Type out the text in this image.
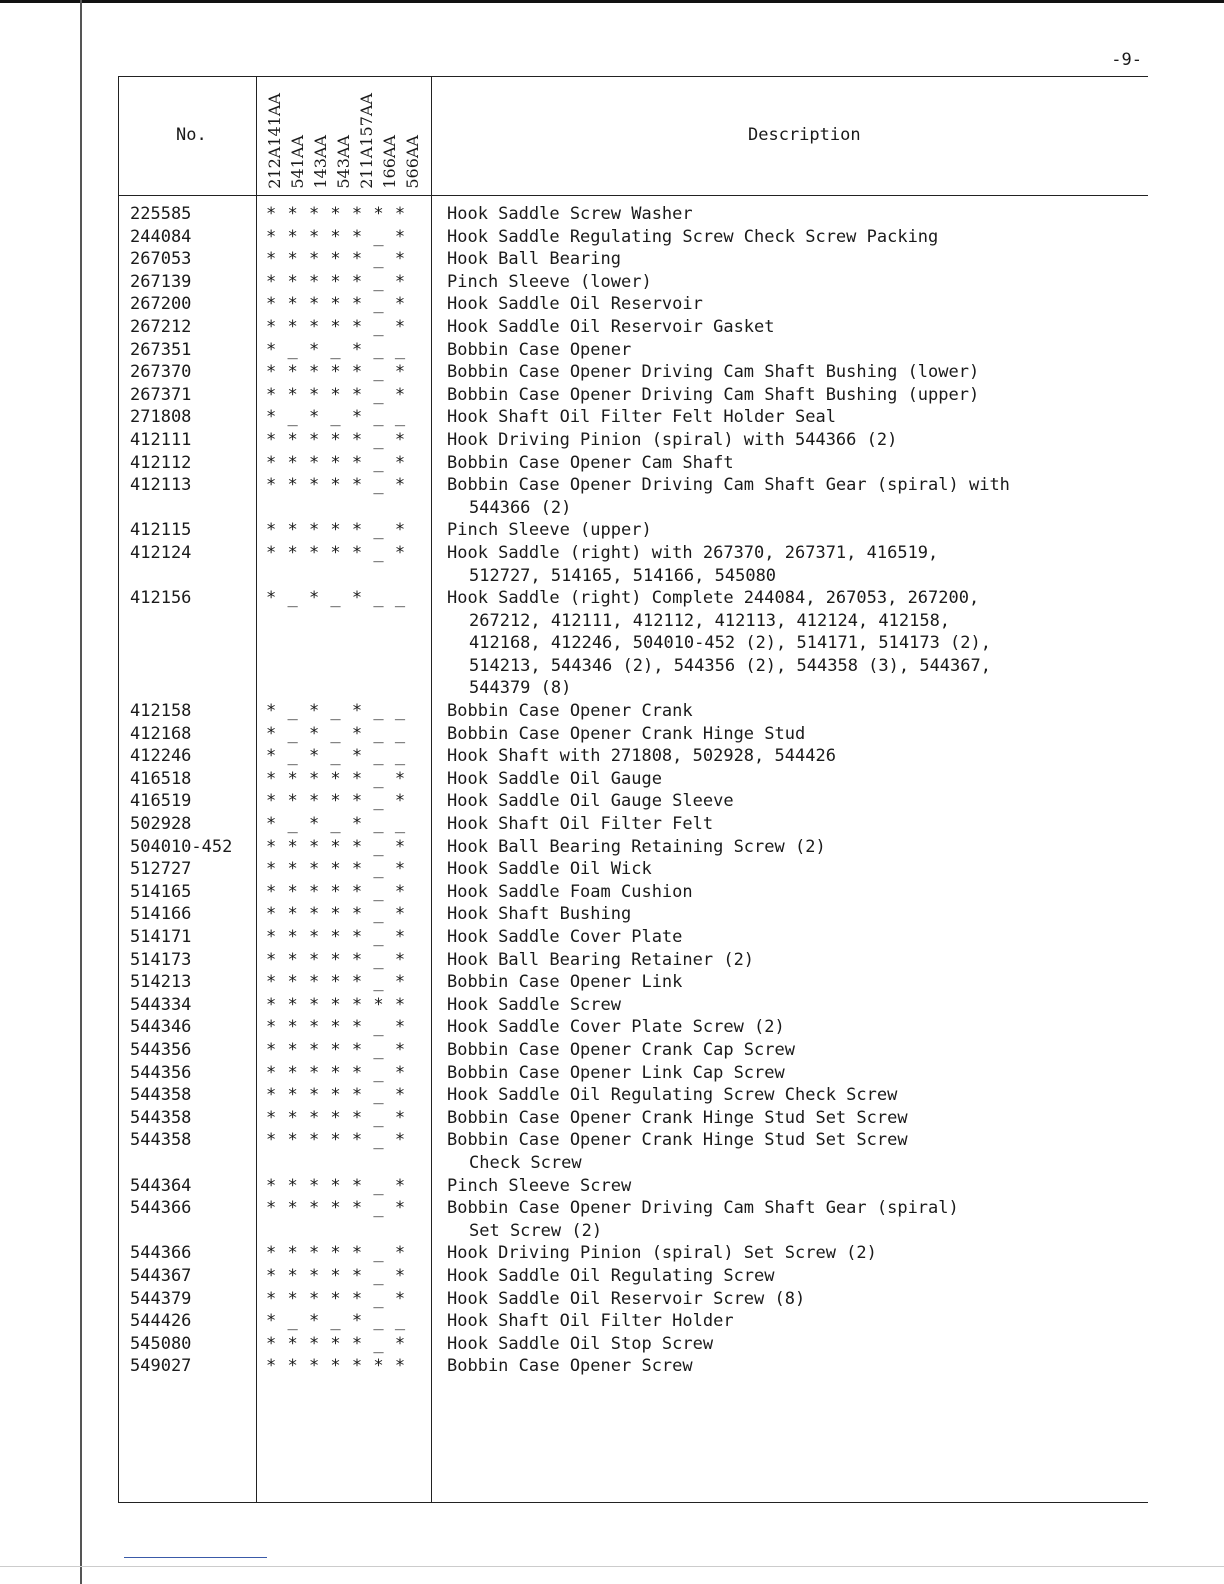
-9-
No.	Description
212A141AA 541AA 143AA 543AA 211A157AA 166AA 566AA
225585	* * * * * * *	Hook Saddle Screw Washer
244084	* * * * * _ *	Hook Saddle Regulating Screw Check Screw Packing
267053	* * * * * _ *	Hook Ball Bearing
267139	* * * * * _ *	Pinch Sleeve (lower)
267200	* * * * * _ *	Hook Saddle Oil Reservoir
267212	* * * * * _ *	Hook Saddle Oil Reservoir Gasket
267351	* _ * _ * _ _	Bobbin Case Opener
267370	* * * * * _ *	Bobbin Case Opener Driving Cam Shaft Bushing (lower)
267371	* * * * * _ *	Bobbin Case Opener Driving Cam Shaft Bushing (upper)
271808	* _ * _ * _ _	Hook Shaft Oil Filter Felt Holder Seal
412111	* * * * * _ *	Hook Driving Pinion (spiral) with 544366 (2)
412112	* * * * * _ *	Bobbin Case Opener Cam Shaft
412113	* * * * * _ *	Bobbin Case Opener Driving Cam Shaft Gear (spiral) with
544366 (2)
412115	* * * * * _ *	Pinch Sleeve (upper)
412124	* * * * * _ *	Hook Saddle (right) with 267370, 267371, 416519,
512727, 514165, 514166, 545080
412156	* _ * _ * _ _	Hook Saddle (right) Complete 244084, 267053, 267200,
267212, 412111, 412112, 412113, 412124, 412158,
412168, 412246, 504010-452 (2), 514171, 514173 (2),
514213, 544346 (2), 544356 (2), 544358 (3), 544367,
544379 (8)
412158	* _ * _ * _ _	Bobbin Case Opener Crank
412168	* _ * _ * _ _	Bobbin Case Opener Crank Hinge Stud
412246	* _ * _ * _ _	Hook Shaft with 271808, 502928, 544426
416518	* * * * * _ *	Hook Saddle Oil Gauge
416519	* * * * * _ *	Hook Saddle Oil Gauge Sleeve
502928	* _ * _ * _ _	Hook Shaft Oil Filter Felt
504010-452 * * * * * _ *	Hook Ball Bearing Retaining Screw (2)
512727	* * * * * _ *	Hook Saddle Oil Wick
514165	* * * * * _ *	Hook Saddle Foam Cushion
514166	* * * * * _ *	Hook Shaft Bushing
514171	* * * * * _ *	Hook Saddle Cover Plate
514173	* * * * * _ *	Hook Ball Bearing Retainer (2)
514213	* * * * * _ *	Bobbin Case Opener Link
544334	* * * * * * *	Hook Saddle Screw
544346	* * * * * _ *	Hook Saddle Cover Plate Screw (2)
544356	* * * * * _ *	Bobbin Case Opener Crank Cap Screw
544356	* * * * * _ *	Bobbin Case Opener Link Cap Screw
544358	* * * * * _ *	Hook Saddle Oil Regulating Screw Check Screw
544358	* * * * * _ *	Bobbin Case Opener Crank Hinge Stud Set Screw
544358	* * * * * _ *	Bobbin Case Opener Crank Hinge Stud Set Screw
Check Screw
544364	* * * * * _ *	Pinch Sleeve Screw
544366	* * * * * _ *	Bobbin Case Opener Driving Cam Shaft Gear (spiral)
Set Screw (2)
544366	* * * * * _ *	Hook Driving Pinion (spiral) Set Screw (2)
544367	* * * * * _ *	Hook Saddle Oil Regulating Screw
544379	* * * * * _ *	Hook Saddle Oil Reservoir Screw (8)
544426	* _ * _ * _ _	Hook Shaft Oil Filter Holder
545080	* * * * * _ *	Hook Saddle Oil Stop Screw
549027	* * * * * * *	Bobbin Case Opener Screw
